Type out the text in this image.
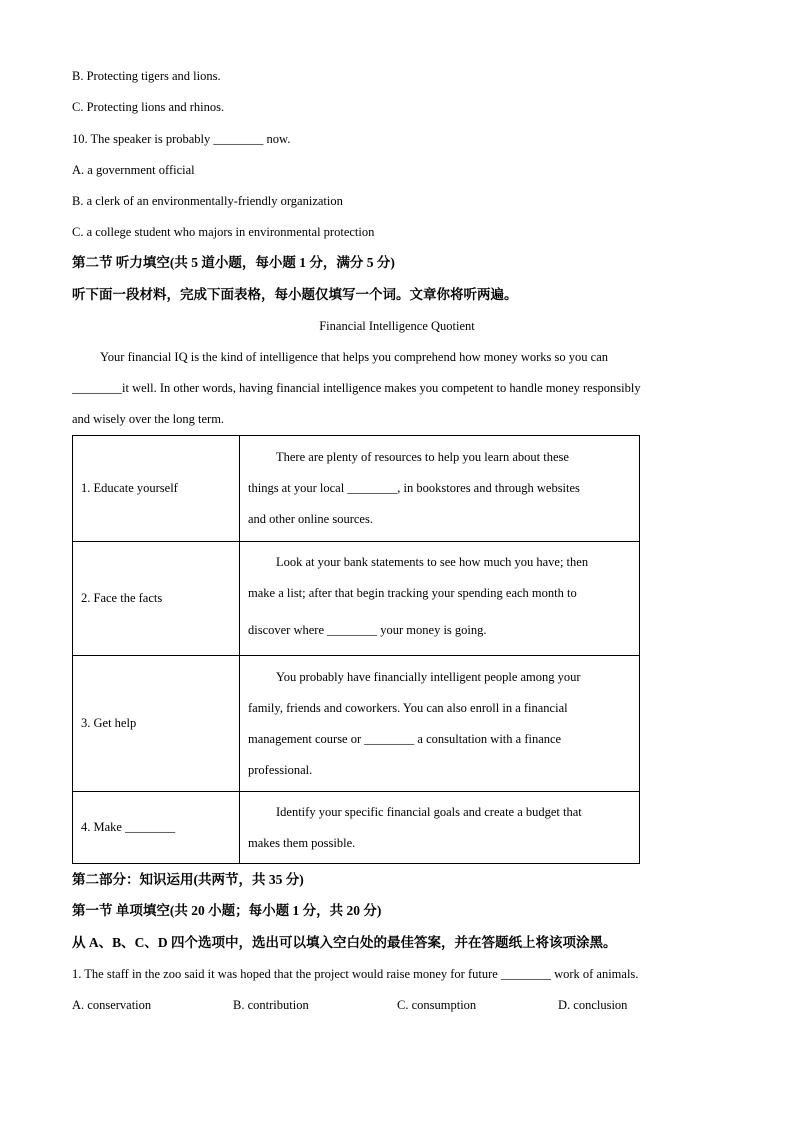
B. Protecting tigers and lions.
C. Protecting lions and rhinos.
10. The speaker is probably ________ now.
A. a government official
B. a clerk of an environmentally-friendly organization
C. a college student who majors in environmental protection
第二节 听力填空(共 5 道小题，每小题 1 分，满分 5 分)
听下面一段材料，完成下面表格，每小题仅填写一个词。文章你将听两遍。
Financial Intelligence Quotient
Your financial IQ is the kind of intelligence that helps you comprehend how money works so you can
________it well. In other words, having financial intelligence makes you competent to handle money responsibly
and wisely over the long term.
1. Educate yourself	There are plenty of resources to help you learn about these
things at your local ________, in bookstores and through websites
and other online sources.

2. Face the facts	Look at your bank statements to see how much you have; then
make a list; after that begin tracking your spending each month to
discover where ________ your money is going.

3. Get help	You probably have financially intelligent people among your
family, friends and coworkers. You can also enroll in a financial
management course or ________ a consultation with a finance
professional.

4. Make ________	Identify your specific financial goals and create a budget that
makes them possible.
第二部分：知识运用(共两节，共 35 分)
第一节 单项填空(共 20 小题；每小题 1 分，共 20 分)
从 A、B、C、D 四个选项中，选出可以填入空白处的最佳答案，并在答题纸上将该项涂黑。
1. The staff in the zoo said it was hoped that the project would raise money for future ________ work of animals.
A. conservation	B. contribution	C. consumption	D. conclusion
